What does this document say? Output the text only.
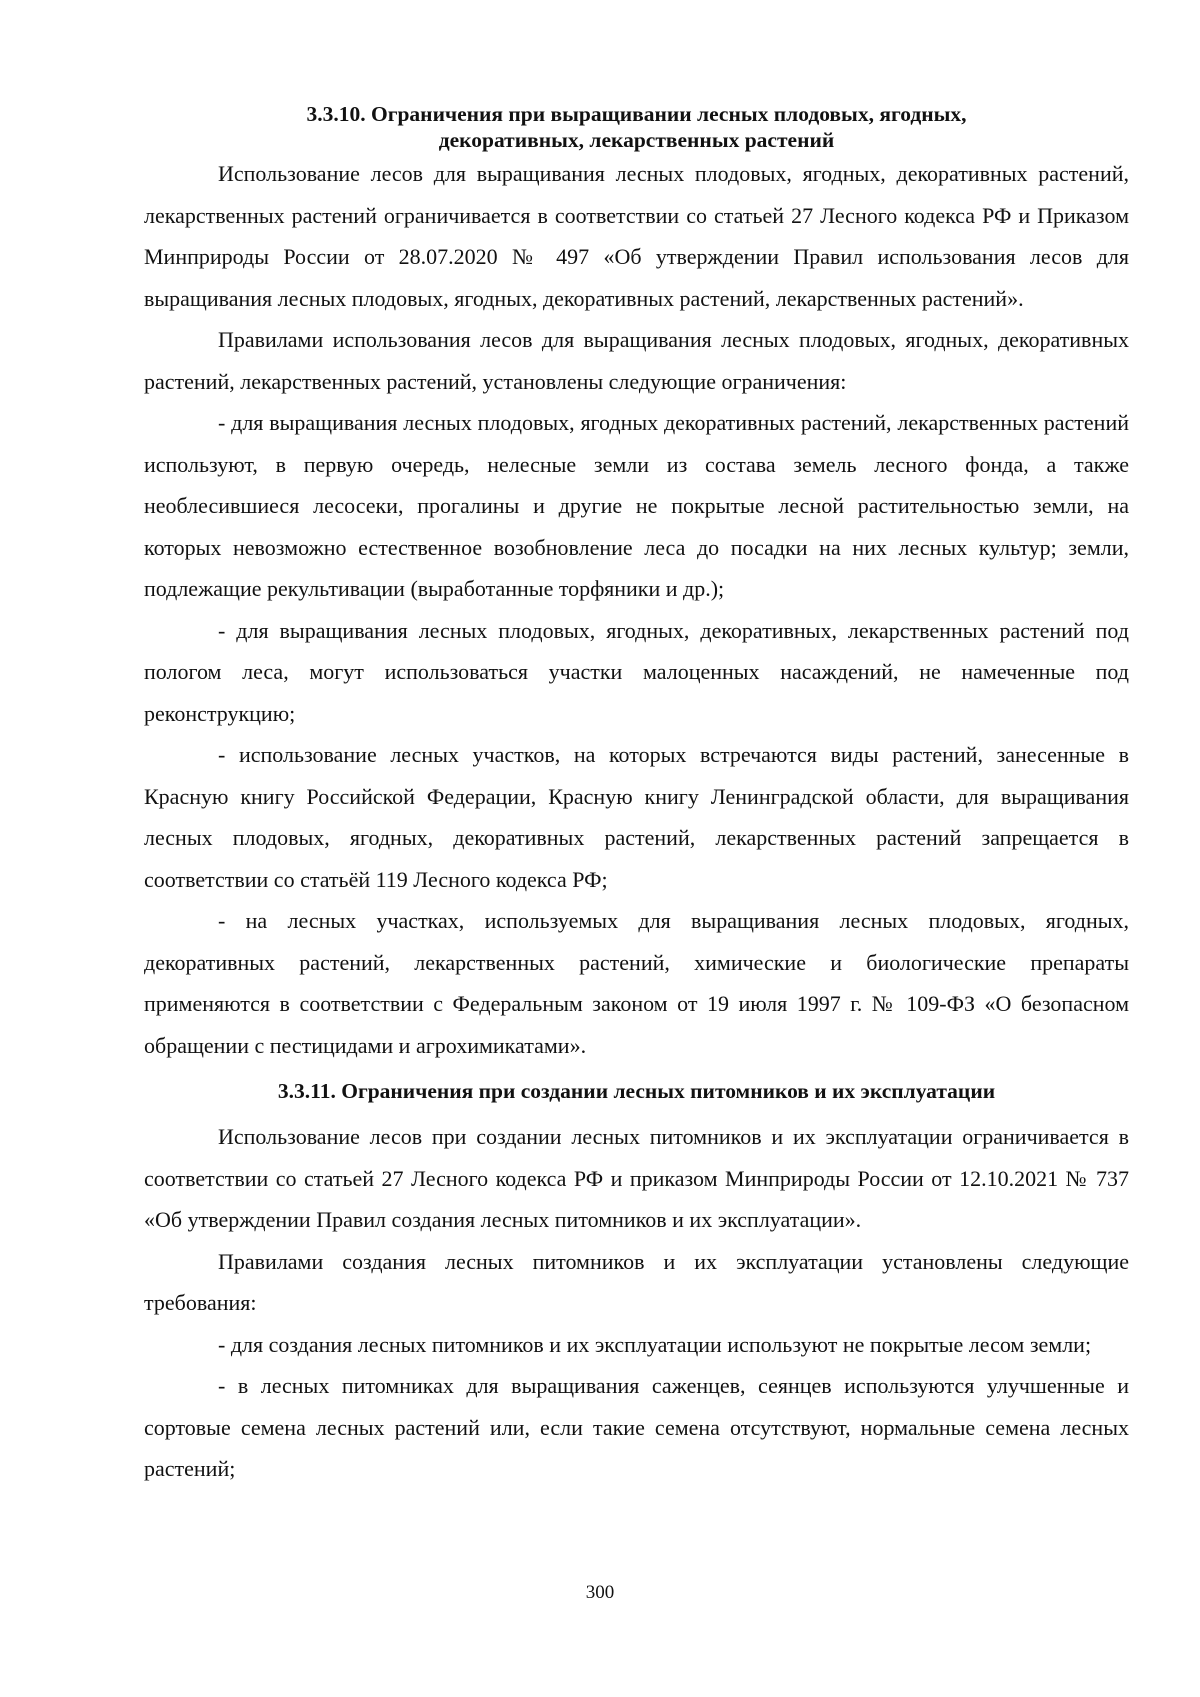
3.3.10. Ограничения при выращивании лесных плодовых, ягодных,
декоративных, лекарственных растений

Использование лесов для выращивания лесных плодовых, ягодных, декоративных растений, лекарственных растений ограничивается в соответствии со статьей 27 Лесного кодекса РФ и Приказом Минприроды России от 28.07.2020 № 497 «Об утверждении Правил использования лесов для выращивания лесных плодовых, ягодных, декоративных растений, лекарственных растений».

Правилами использования лесов для выращивания лесных плодовых, ягодных, декоративных растений, лекарственных растений, установлены следующие ограничения:

- для выращивания лесных плодовых, ягодных декоративных растений, лекарственных растений используют, в первую очередь, нелесные земли из состава земель лесного фонда, а также необлесившиеся лесосеки, прогалины и другие не покрытые лесной растительностью земли, на которых невозможно естественное возобновление леса до посадки на них лесных культур; земли, подлежащие рекультивации (выработанные торфяники и др.);

- для выращивания лесных плодовых, ягодных, декоративных, лекарственных растений под пологом леса, могут использоваться участки малоценных насаждений, не намеченные под реконструкцию;

- использование лесных участков, на которых встречаются виды растений, занесенные в Красную книгу Российской Федерации, Красную книгу Ленинградской области, для выращивания лесных плодовых, ягодных, декоративных растений, лекарственных растений запрещается в соответствии со статьёй 119 Лесного кодекса РФ;

- на лесных участках, используемых для выращивания лесных плодовых, ягодных, декоративных растений, лекарственных растений, химические и биологические препараты применяются в соответствии с Федеральным законом от 19 июля 1997 г. № 109-ФЗ «О безопасном обращении с пестицидами и агрохимикатами».

3.3.11. Ограничения при создании лесных питомников и их эксплуатации

Использование лесов при создании лесных питомников и их эксплуатации ограничивается в соответствии со статьей 27 Лесного кодекса РФ и приказом Минприроды России от 12.10.2021 № 737 «Об утверждении Правил создания лесных питомников и их эксплуатации».

Правилами создания лесных питомников и их эксплуатации установлены следующие требования:

- для создания лесных питомников и их эксплуатации используют не покрытые лесом земли;

- в лесных питомниках для выращивания саженцев, сеянцев используются улучшенные и сортовые семена лесных растений или, если такие семена отсутствуют, нормальные семена лесных растений;

300
